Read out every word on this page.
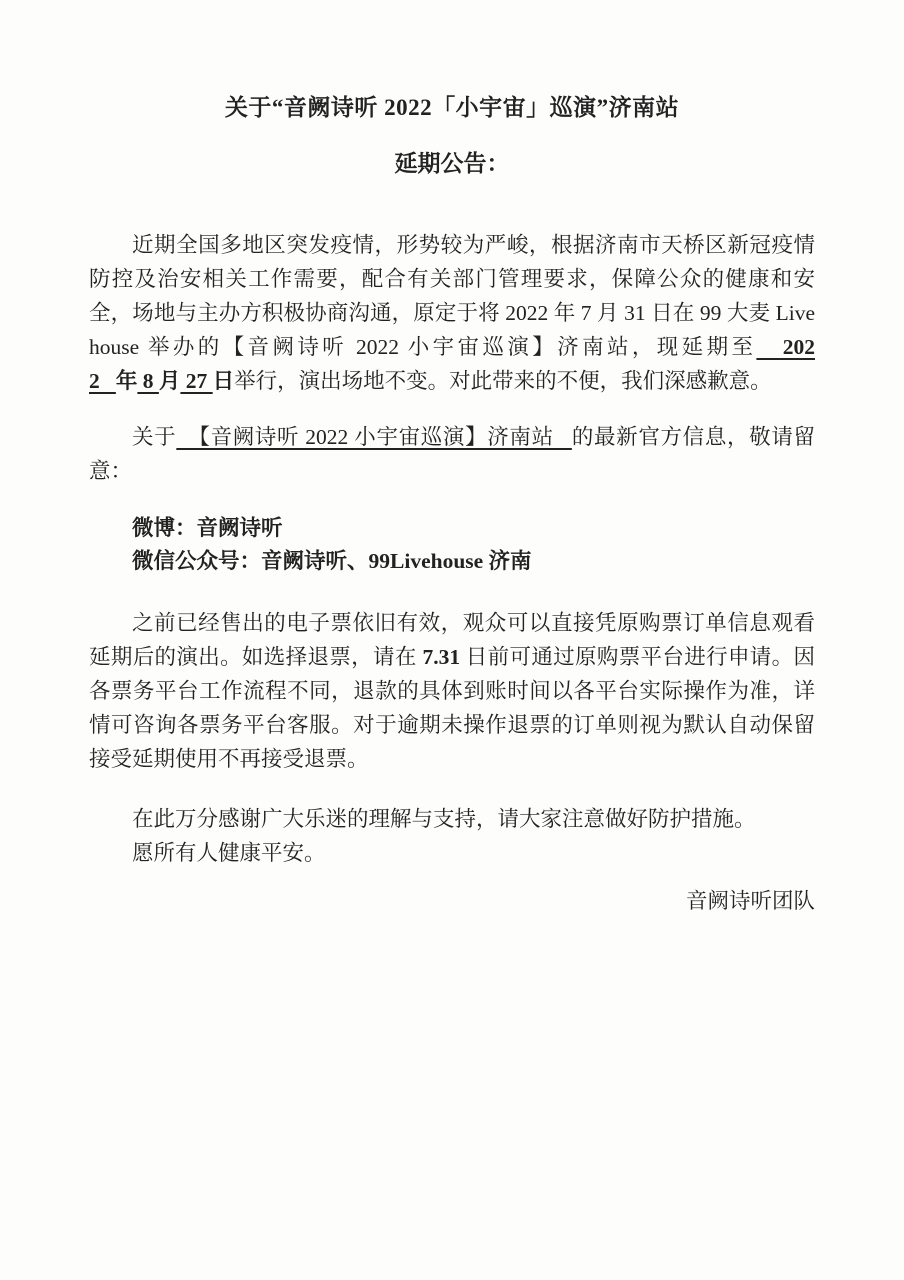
关于“音阙诗听 2022「小宇宙」巡演”济南站
延期公告：

近期全国多地区突发疫情，形势较为严峻，根据济南市天桥区新冠疫情防控及治安相关工作需要，配合有关部门管理要求，保障公众的健康和安全，场地与主办方积极协商沟通，原定于将 2022 年 7 月 31 日在 99 大麦 Livehouse 举办的【音阙诗听 2022 小宇宙巡演】济南站，现延期至   2022   年 8 月 27 日举行，演出场地不变。对此带来的不便，我们深感歉意。

关于  【音阙诗听 2022 小宇宙巡演】济南站   的最新官方信息，敬请留意：

微博：音阙诗听

微信公众号：音阙诗听、99Livehouse 济南

之前已经售出的电子票依旧有效，观众可以直接凭原购票订单信息观看延期后的演出。如选择退票，请在 7.31 日前可通过原购票平台进行申请。因各票务平台工作流程不同，退款的具体到账时间以各平台实际操作为准，详情可咨询各票务平台客服。对于逾期未操作退票的订单则视为默认自动保留接受延期使用不再接受退票。

在此万分感谢广大乐迷的理解与支持，请大家注意做好防护措施。

愿所有人健康平安。

音阙诗听团队
